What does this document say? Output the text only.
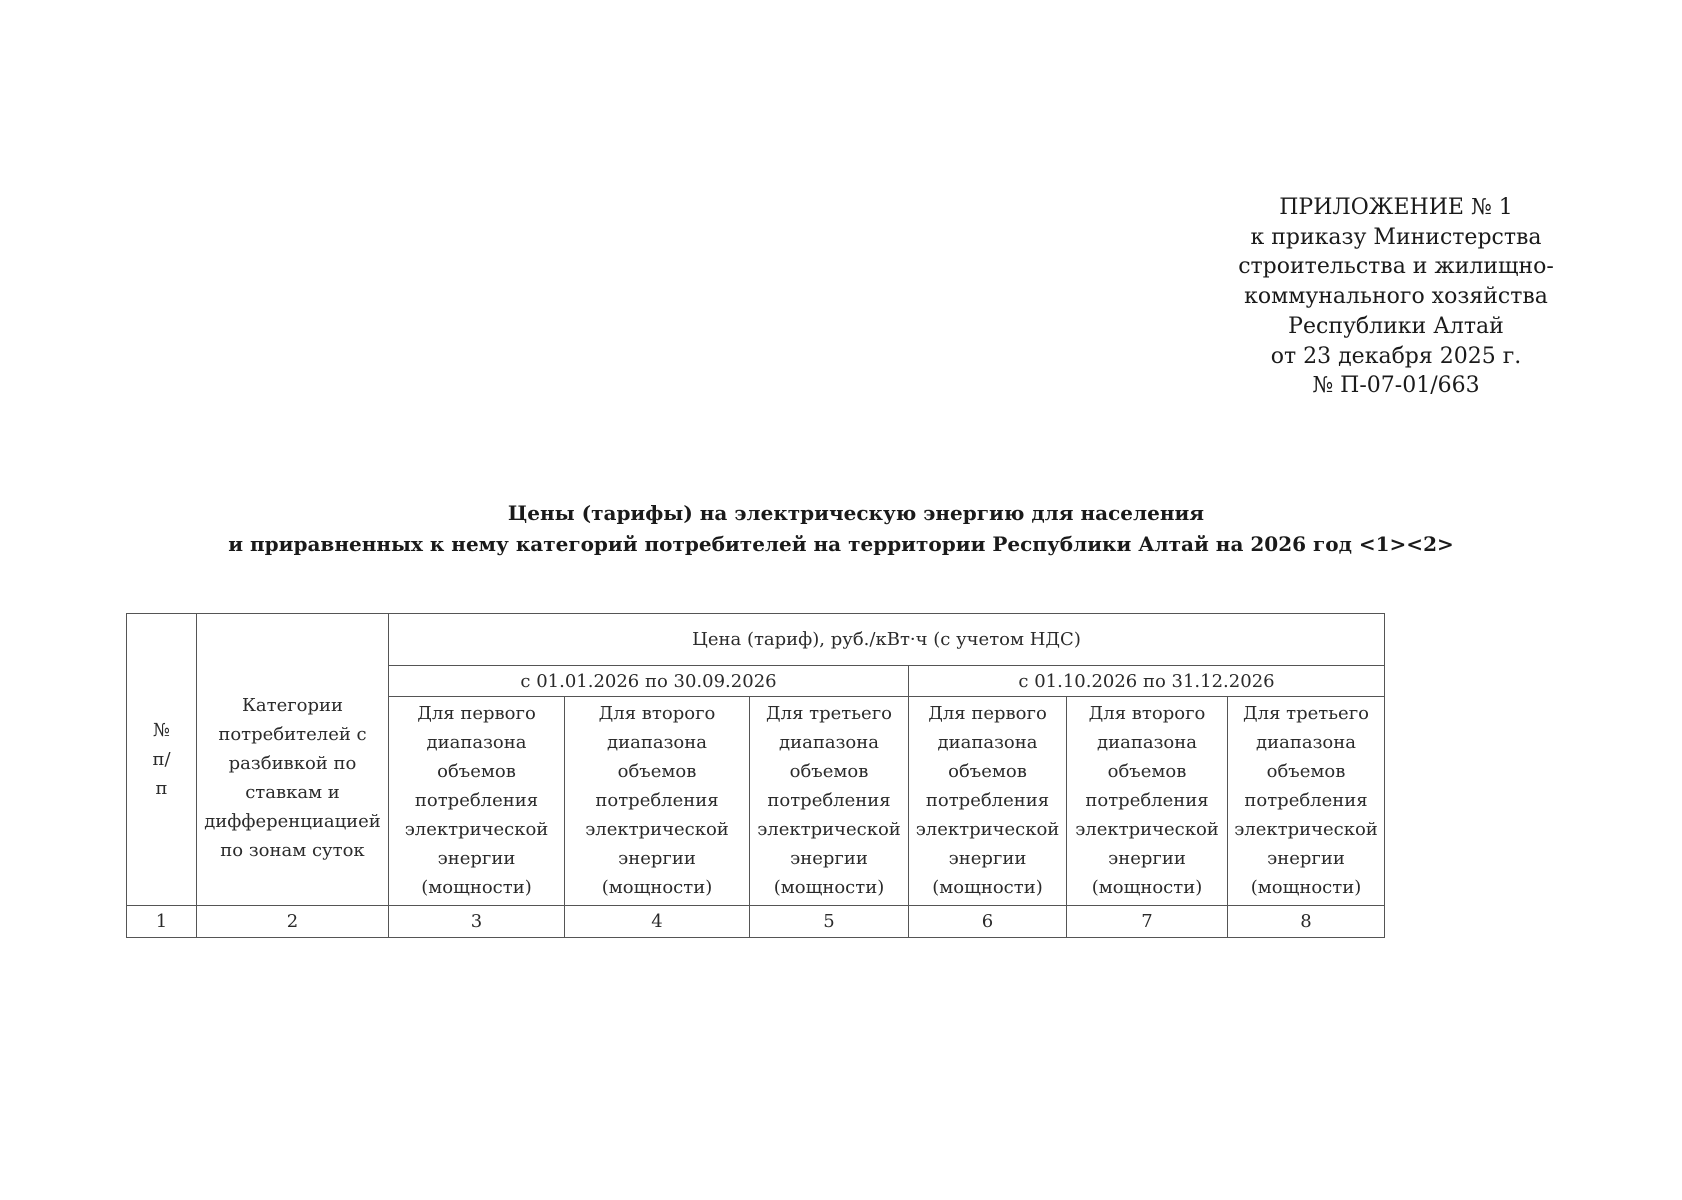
ПРИЛОЖЕНИЕ № 1
к приказу Министерства
строительства и жилищно-
коммунального хозяйства
Республики Алтай
от 23 декабря 2025 г.
№ П-07-01/663
Цены (тарифы) на электрическую энергию для населения
и приравненных к нему категорий потребителей на территории Республики Алтай на 2026 год <1><2>
№ п/п	Категории потребителей с разбивкой по ставкам и дифференциацией по зонам суток	Цена (тариф), руб./кВт·ч (с учетом НДС)					
		с 01.01.2026 по 30.09.2026			с 01.10.2026 по 31.12.2026		
		Для первого диапазона объемов потребления электрической энергии (мощности)	Для второго диапазона объемов потребления электрической энергии (мощности)	Для третьего диапазона объемов потребления электрической энергии (мощности)	Для первого диапазона объемов потребления электрической энергии (мощности)	Для второго диапазона объемов потребления электрической энергии (мощности)	Для третьего диапазона объемов потребления электрической энергии (мощности)
1	2	3	4	5	6	7	8
